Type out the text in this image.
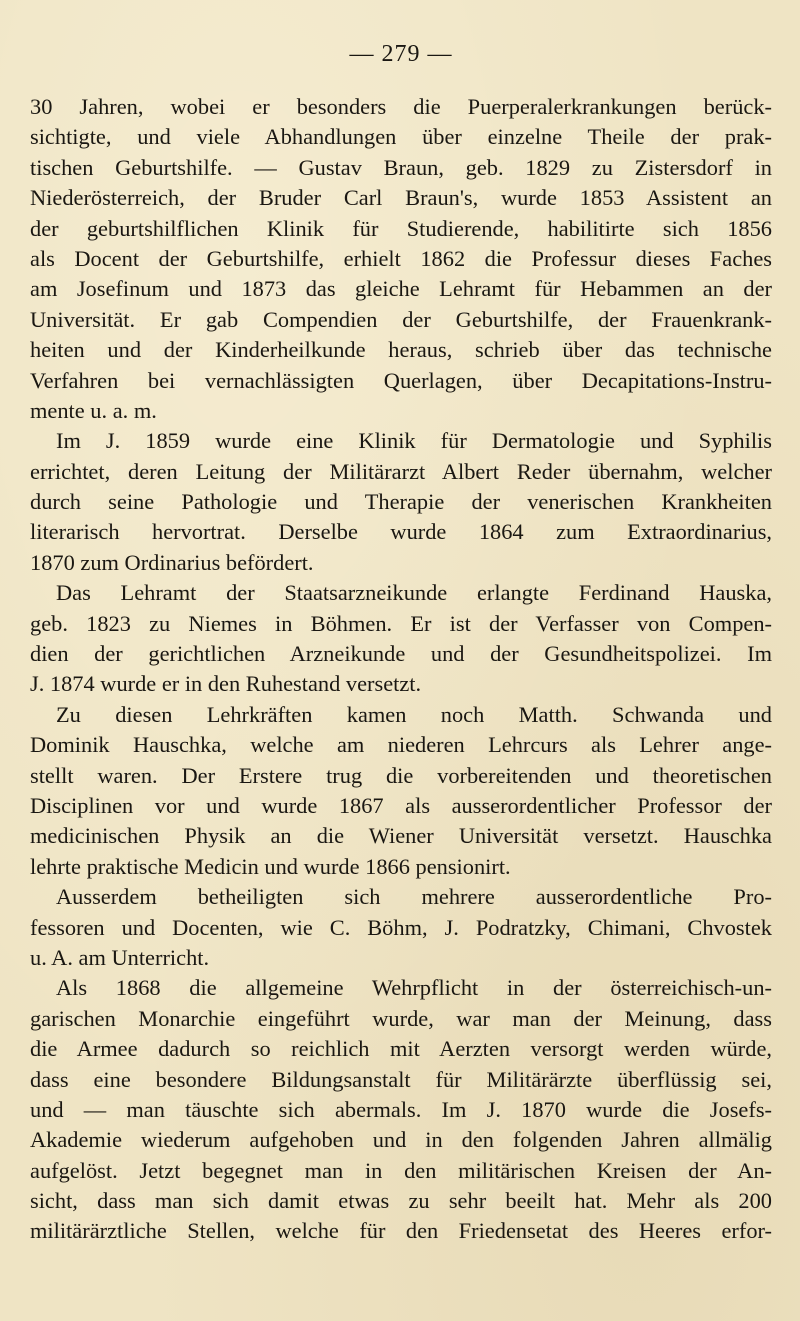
— 279 —
30 Jahren, wobei er besonders die Puerperalerkrankungen berück-
sichtigte, und viele Abhandlungen über einzelne Theile der prak-
tischen Geburtshilfe. — Gustav Braun, geb. 1829 zu Zistersdorf in
Niederösterreich, der Bruder Carl Braun's, wurde 1853 Assistent an
der geburtshilflichen Klinik für Studierende, habilitirte sich 1856
als Docent der Geburtshilfe, erhielt 1862 die Professur dieses Faches
am Josefinum und 1873 das gleiche Lehramt für Hebammen an der
Universität. Er gab Compendien der Geburtshilfe, der Frauenkrank-
heiten und der Kinderheilkunde heraus, schrieb über das technische
Verfahren bei vernachlässigten Querlagen, über Decapitations-Instru-
mente u. a. m.
Im J. 1859 wurde eine Klinik für Dermatologie und Syphilis
errichtet, deren Leitung der Militärarzt Albert Reder übernahm, welcher
durch seine Pathologie und Therapie der venerischen Krankheiten
literarisch hervortrat. Derselbe wurde 1864 zum Extraordinarius,
1870 zum Ordinarius befördert.
Das Lehramt der Staatsarzneikunde erlangte Ferdinand Hauska,
geb. 1823 zu Niemes in Böhmen. Er ist der Verfasser von Compen-
dien der gerichtlichen Arzneikunde und der Gesundheitspolizei. Im
J. 1874 wurde er in den Ruhestand versetzt.
Zu diesen Lehrkräften kamen noch Matth. Schwanda und
Dominik Hauschka, welche am niederen Lehrcurs als Lehrer ange-
stellt waren. Der Erstere trug die vorbereitenden und theoretischen
Disciplinen vor und wurde 1867 als ausserordentlicher Professor der
medicinischen Physik an die Wiener Universität versetzt. Hauschka
lehrte praktische Medicin und wurde 1866 pensionirt.
Ausserdem betheiligten sich mehrere ausserordentliche Pro-
fessoren und Docenten, wie C. Böhm, J. Podratzky, Chimani, Chvostek
u. A. am Unterricht.
Als 1868 die allgemeine Wehrpflicht in der österreichisch-un-
garischen Monarchie eingeführt wurde, war man der Meinung, dass
die Armee dadurch so reichlich mit Aerzten versorgt werden würde,
dass eine besondere Bildungsanstalt für Militärärzte überflüssig sei,
und — man täuschte sich abermals. Im J. 1870 wurde die Josefs-
Akademie wiederum aufgehoben und in den folgenden Jahren allmälig
aufgelöst. Jetzt begegnet man in den militärischen Kreisen der An-
sicht, dass man sich damit etwas zu sehr beeilt hat. Mehr als 200
militärärztliche Stellen, welche für den Friedensetat des Heeres erfor-
